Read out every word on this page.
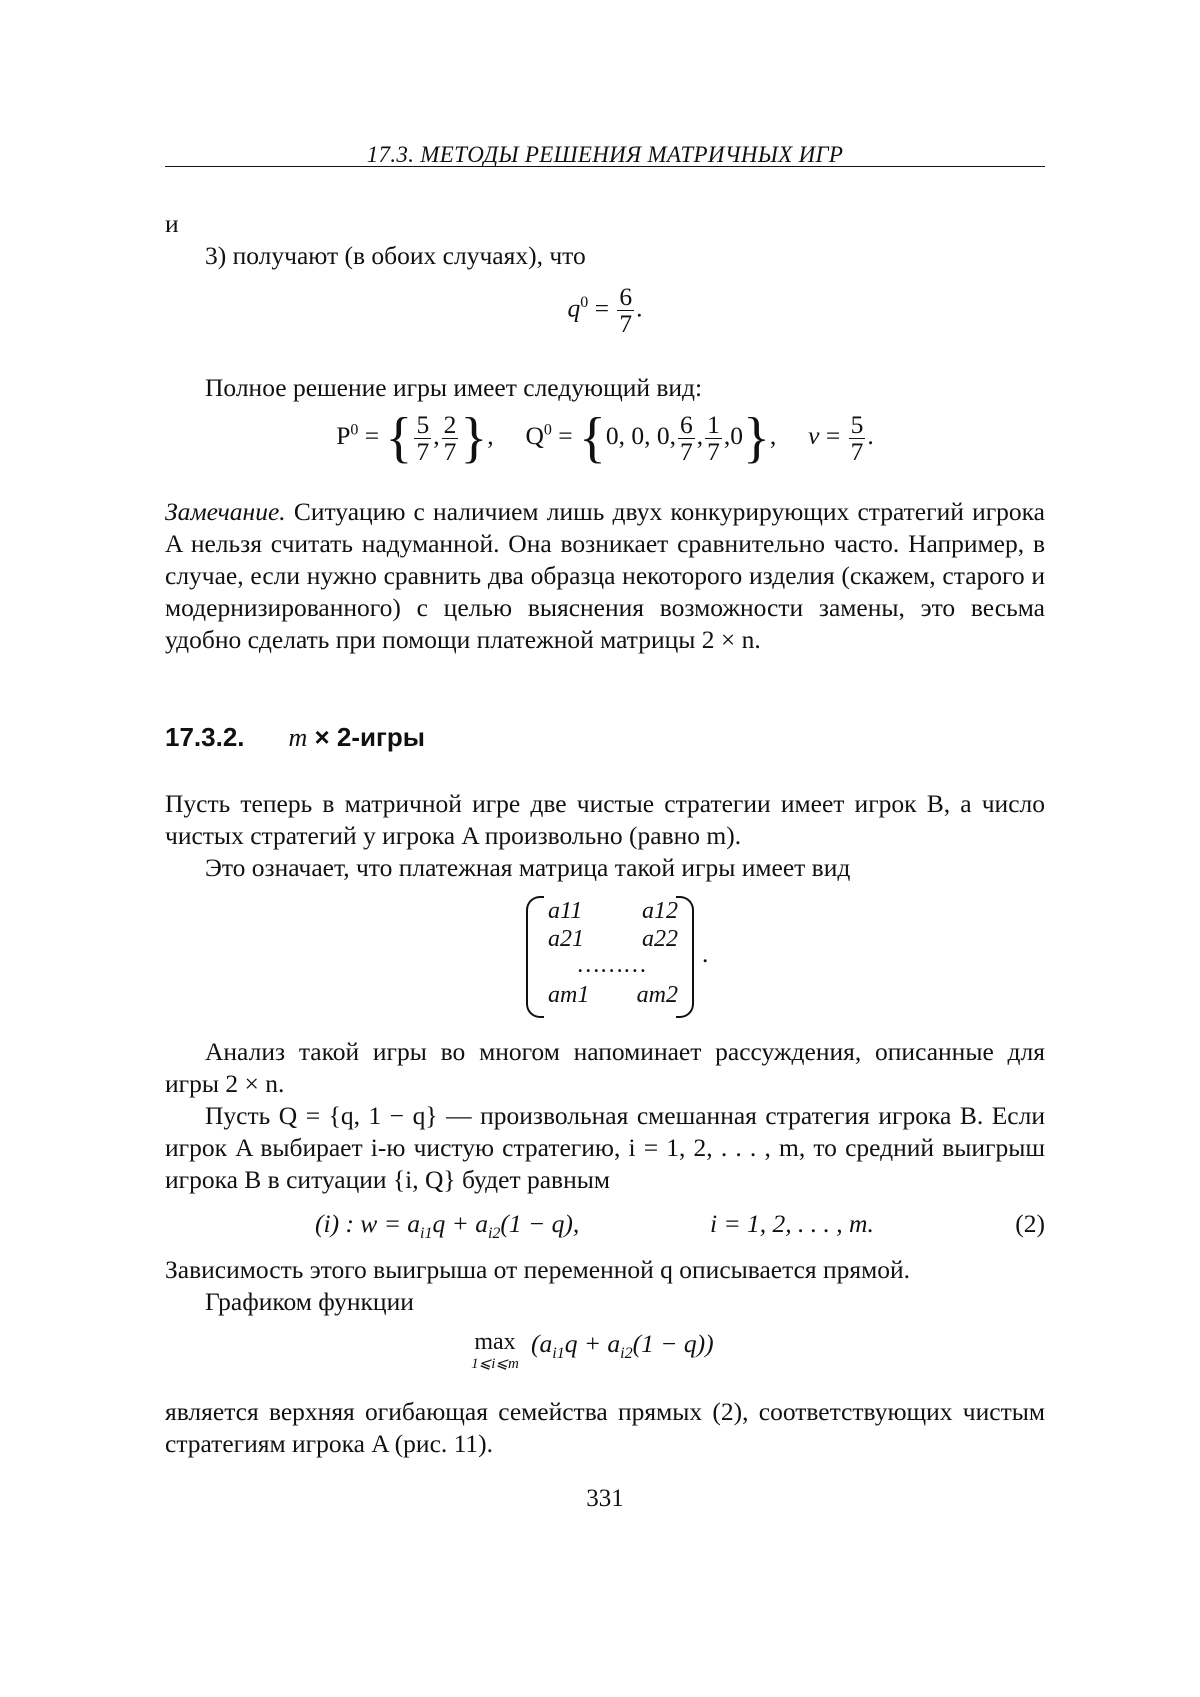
17.3. МЕТОДЫ РЕШЕНИЯ МАТРИЧНЫХ ИГР
и
3) получают (в обоих случаях), что
$q^0 = \frac{6}{7}$ .
Полное решение игры имеет следующий вид:
$P^0$ = { $\frac{5}{7}$ , $\frac{2}{7}$ },     $Q^0 = \{0$, 0, 0, $\frac{6}{7}$ , $\frac{1}{7} ,0$},     $\nu = \frac{5}{7}$ .
Замечание. Ситуацию с наличием лишь двух конкурирующих стратегий игрока A нельзя считать надуманной. Она возникает сравнительно часто. Например, в случае, если нужно сравнить два образца некоторого изделия (скажем, старого и модернизированного) с целью выяснения возможности замены, это весьма удобно сделать при помощи платежной матрицы 2 × n.
17.3.2. m × 2-игры
Пусть теперь в матричной игре две чистые стратегии имеет игрок B, а число чистых стратегий у игрока A произвольно (равно m).
Это означает, что платежная матрица такой игры имеет вид
a11 a12
a21 a22
………
am1 am2
.
Анализ такой игры во многом напоминает рассуждения, описанные для игры 2 × n.
Пусть Q = {q, 1 − q} — произвольная смешанная стратегия игрока B. Если игрок A выбирает i-ю чистую стратегию, i = 1, 2, . . . , m, то средний выигрыш игрока B в ситуации {i, Q} будет равным
(i) : $w = a_{i1}q + a_{i2}(1 - q)$,	i = 1, 2, . . . , m.	(2)
Зависимость этого выигрыша от переменной q описывается прямой.
Графиком функции
max
1⩽i⩽m
$(a_{i1}q + a_{i2}(1 - q))$
является верхняя огибающая семейства прямых (2), соответствующих чистым стратегиям игрока A (рис. 11).
331
